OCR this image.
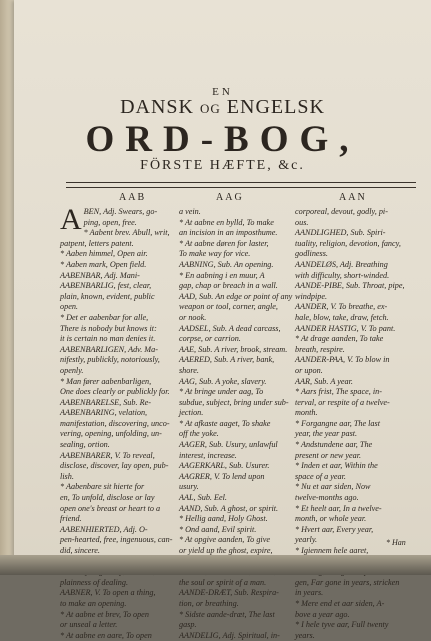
EN
DANSK OG ENGELSK
ORD-BOG,
FÖRSTE HÆFTE, &c.
AAB	AAG	AAN
A BEN, Adj. Swears, go-
ping, open, free.
* Aabent brev. Abull, writ,
patpent, letters patent.
* Aaben himmel, Open air.
* Aaben mark, Open field.
AABENBAR, Adj. Mani-
AABENBARLIG, fest, clear,
plain, known, evident, public
open.
* Det er aabenbar for alle,
There is nobody but knows it:
it is certain no man denies it.
AABENBARLIGEN, Adv. Ma-
nifestly, publickly, notoriously,
openly.
* Man fører aabenbarligen,
One does clearly or publickly for.
AABENBARELSE, Sub. Re-
AABENBARING, velation,
manifestation, discovering, unco-
vering, opening, unfolding, un-
sealing, ortion.
AABENBARER, V. To reveal,
disclose, discover, lay open, pub-
lish.
* Aabenbare sit hierte for
en, To unfold, disclose or lay
open one's breast or heart to a
friend.
AABENHIERTED, Adj. O-
pen-hearted, free, ingenuous, can-
did, sincere.
plainness of dealing.
AABNER, V. To open a thing,
to make an opening.
* At aabne et brev, To open
or unseal a letter.
* At aabne en aare, To open
a vein.
* At aabne en bylld, To make
an incision in an imposthume.
* At aabne døren for laster,
To make way for vice.
AABNING, Sub. An opening.
* En aabning i en muur, A
gap, chap or breach in a wall.
AAD, Sub. An edge or point of any
weapon or tool, corner, angle,
or nook.
AADSEL, Sub. A dead carcass,
corpse, or carrion.
AAE, Sub. A river, brook, stream.
AAERED, Sub. A river, bank,
shore.
AAG, Sub. A yoke, slavery.
* At bringe under aag, To
subdue, subject, bring under sub-
jection.
* At afkaste aaget, To shake
off the yoke.
AAGER, Sub. Usury, unlawful
interest, increase.
AAGERKARL, Sub. Usurer.
AAGRER, V. To lend upon
usury.
AAL, Sub. Eel.
AAND, Sub. A ghost, or spirit.
* Hellig aand, Holy Ghost.
* Ond aand, Evil spirit.
* At opgive aanden, To give
or yield up the ghost, expire,
the soul or spirit of a man.
AANDE-DRÆT, Sub. Respira-
tion, or breathing.
* Sidste aande-dræt, The last
gasp.
AANDELIG, Adj. Spiritual, in-
corporeal, devout, godly, pi-
ous.
AANDLIGHED, Sub. Spiri-
tuality, religion, devotion, fancy,
godliness.
AANDELØS, Adj. Breathing
with difficulty, short-winded.
AANDE-PIBE, Sub. Throat, pipe,
windpipe.
AANDER, V. To breathe, ex-
hale, blow, take, draw, fetch.
AANDER HASTIG, V. To pant.
* At drage aanden, To take
breath, respire.
AANDER-PAA, V. To blow in
or upon.
AAR, Sub. A year.
* Aars frist, The space, in-
terval, or respite of a twelve-
month.
* Forgangne aar, The last
year, the year past.
* Andstundene aar, The
present or new year.
* Inden et aar, Within the
space of a year.
* Nu et aar siden, Now
twelve-months ago.
* Et heelt aar, In a twelve-
month, or whole year.
* Hvert aar, Every year,
yearly.
* Igiennem hele aaret,
gen, Far gone in years, stricken
in years.
* Mere end et aar siden, A-
bove a year ago.
* I hele tyve aar, Full twenty
years.
* Han
